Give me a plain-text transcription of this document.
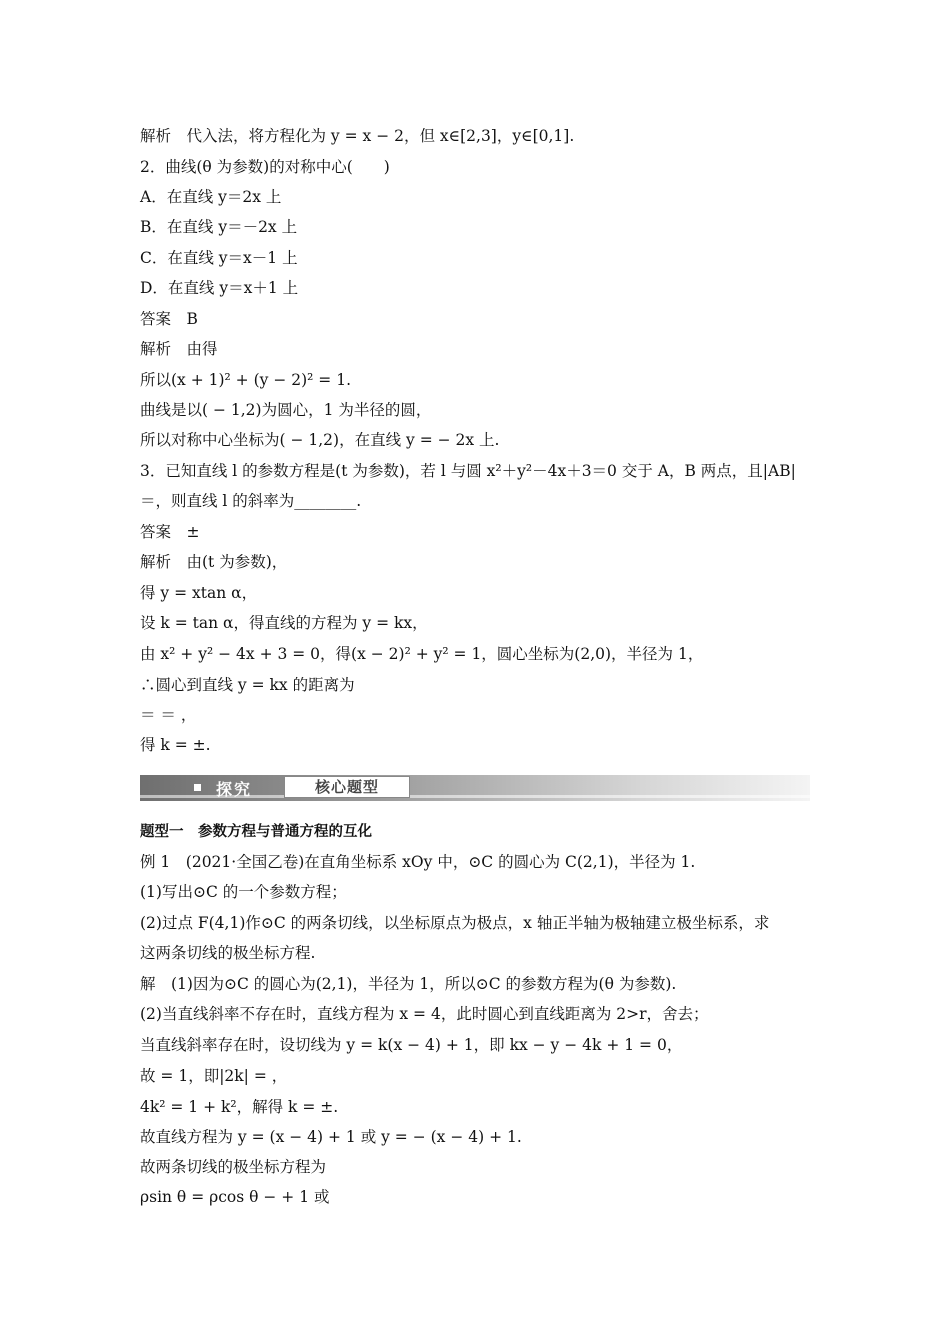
解析　代入法，将方程化为 y = x − 2，但 x∈[2,3]，y∈[0,1].
2．曲线(θ 为参数)的对称中心(　　)
A．在直线 y＝2x 上
B．在直线 y＝－2x 上
C．在直线 y＝x－1 上
D．在直线 y＝x＋1 上
答案　B
解析　由得
所以(x + 1)² + (y − 2)² = 1.
曲线是以( − 1,2)为圆心，1 为半径的圆，
所以对称中心坐标为( − 1,2)，在直线 y = − 2x 上.
3．已知直线 l 的参数方程是(t 为参数)，若 l 与圆 x²＋y²－4x＋3＝0 交于 A，B 两点，且|AB|
＝，则直线 l 的斜率为________.
答案　±
解析　由(t 为参数)，
得 y = xtan α，
设 k = tan α，得直线的方程为 y = kx，
由 x² + y² − 4x + 3 = 0，得(x − 2)² + y² = 1，圆心坐标为(2,0)，半径为 1，
∴圆心到直线 y = kx 的距离为
＝ ＝ ，
得 k = ±.
探究	核心题型
题型一　参数方程与普通方程的互化
例 1　(2021·全国乙卷)在直角坐标系 xOy 中，⊙C 的圆心为 C(2,1)，半径为 1.
(1)写出⊙C 的一个参数方程；
(2)过点 F(4,1)作⊙C 的两条切线，以坐标原点为极点，x 轴正半轴为极轴建立极坐标系，求
这两条切线的极坐标方程.
解　(1)因为⊙C 的圆心为(2,1)，半径为 1，所以⊙C 的参数方程为(θ 为参数).
(2)当直线斜率不存在时，直线方程为 x = 4，此时圆心到直线距离为 2>r，舍去；
当直线斜率存在时，设切线为 y = k(x − 4) + 1，即 kx − y − 4k + 1 = 0，
故 = 1，即|2k| = ，
4k² = 1 + k²，解得 k = ±.
故直线方程为 y = (x − 4) + 1 或 y = − (x − 4) + 1.
故两条切线的极坐标方程为
ρsin θ = ρcos θ − + 1 或
